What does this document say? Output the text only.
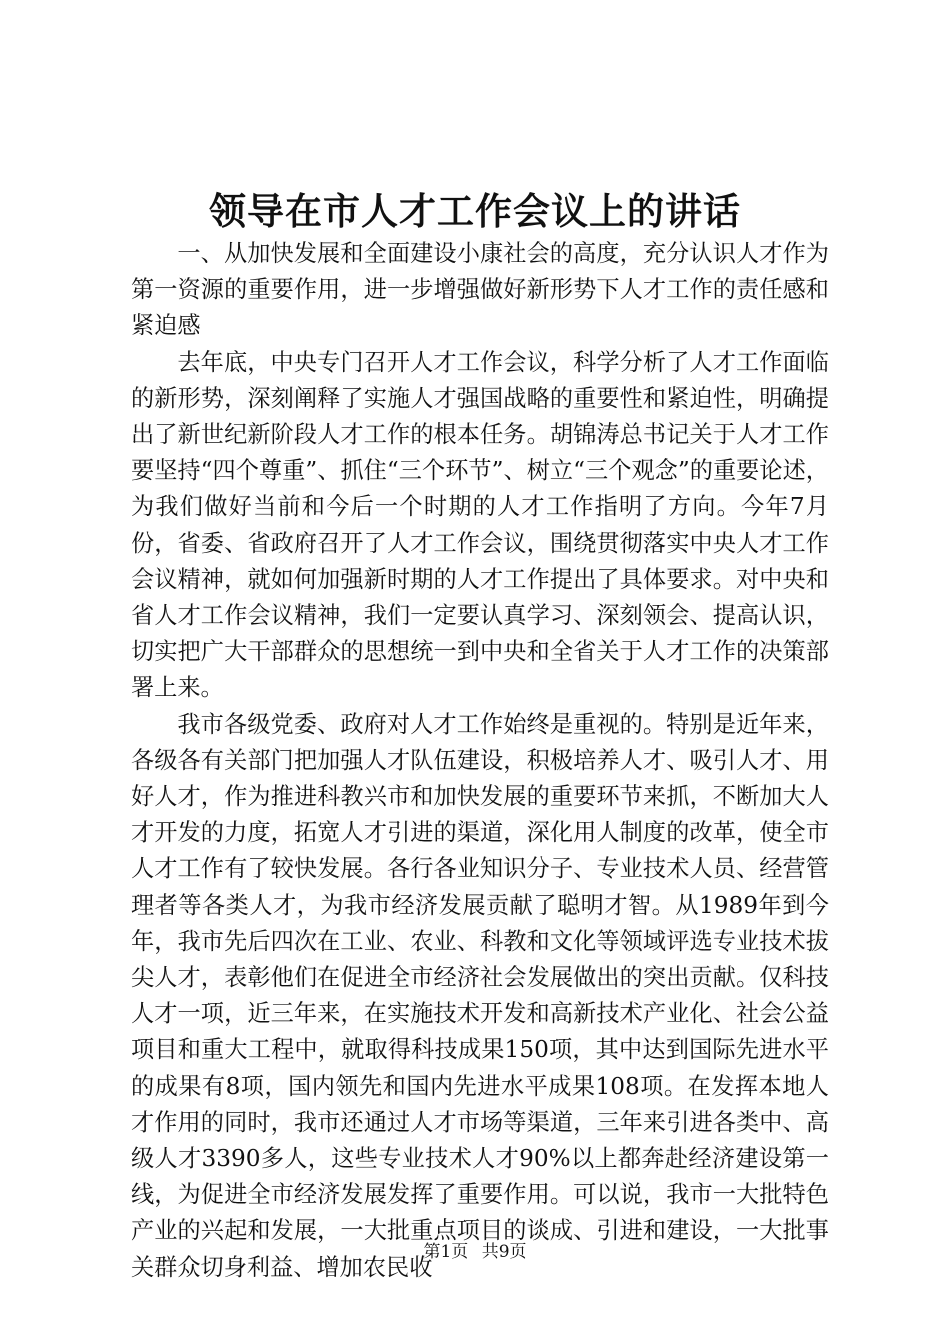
领导在市人才工作会议上的讲话

一、从加快发展和全面建设小康社会的高度，充分认识人才作为第一资源的重要作用，进一步增强做好新形势下人才工作的责任感和紧迫感

去年底，中央专门召开人才工作会议，科学分析了人才工作面临的新形势，深刻阐释了实施人才强国战略的重要性和紧迫性，明确提出了新世纪新阶段人才工作的根本任务。胡锦涛总书记关于人才工作要坚持“四个尊重”、抓住“三个环节”、树立“三个观念”的重要论述，为我们做好当前和今后一个时期的人才工作指明了方向。今年7月份，省委、省政府召开了人才工作会议，围绕贯彻落实中央人才工作会议精神，就如何加强新时期的人才工作提出了具体要求。对中央和省人才工作会议精神，我们一定要认真学习、深刻领会、提高认识，切实把广大干部群众的思想统一到中央和全省关于人才工作的决策部署上来。

我市各级党委、政府对人才工作始终是重视的。特别是近年来，各级各有关部门把加强人才队伍建设，积极培养人才、吸引人才、用好人才，作为推进科教兴市和加快发展的重要环节来抓，不断加大人才开发的力度，拓宽人才引进的渠道，深化用人制度的改革，使全市人才工作有了较快发展。各行各业知识分子、专业技术人员、经营管理者等各类人才，为我市经济发展贡献了聪明才智。从1989年到今年，我市先后四次在工业、农业、科教和文化等领域评选专业技术拔尖人才，表彰他们在促进全市经济社会发展做出的突出贡献。仅科技人才一项，近三年来，在实施技术开发和高新技术产业化、社会公益项目和重大工程中，就取得科技成果150项，其中达到国际先进水平的成果有8项，国内领先和国内先进水平成果108项。在发挥本地人才作用的同时，我市还通过人才市场等渠道，三年来引进各类中、高级人才3390多人，这些专业技术人才90%以上都奔赴经济建设第一线，为促进全市经济发展发挥了重要作用。可以说，我市一大批特色产业的兴起和发展，一大批重点项目的谈成、引进和建设，一大批事关群众切身利益、增加农民收

第1页 共9页
